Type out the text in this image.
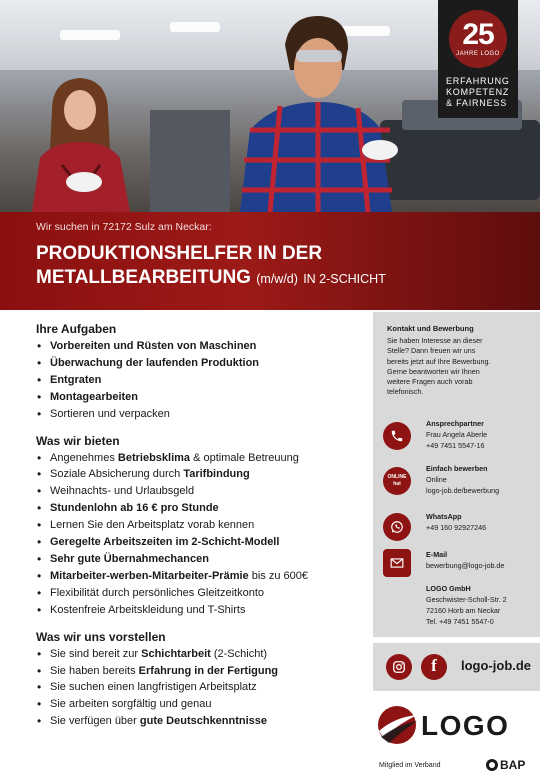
25
JAHRE LOGO
ERFAHRUNG
KOMPETENZ
& FAIRNESS
Wir suchen in 72172 Sulz am Neckar:
PRODUKTIONSHELFER IN DER
METALLBEARBEITUNG (m/w/d) IN 2-SCHICHT
Ihre Aufgaben
• Vorbereiten und Rüsten von Maschinen
• Überwachung der laufenden Produktion
• Entgraten
• Montagearbeiten
• Sortieren und verpacken
Was wir bieten
• Angenehmes Betriebsklima & optimale Betreuung
• Soziale Absicherung durch Tarifbindung
• Weihnachts- und Urlaubsgeld
• Stundenlohn ab 16 € pro Stunde
• Lernen Sie den Arbeitsplatz vorab kennen
• Geregelte Arbeitszeiten im 2-Schicht-Modell
• Sehr gute Übernahmechancen
• Mitarbeiter-werben-Mitarbeiter-Prämie bis zu 600€
• Flexibilität durch persönliches Gleitzeitkonto
• Kostenfreie Arbeitskleidung und T-Shirts
Was wir uns vorstellen
• Sie sind bereit zur Schichtarbeit (2-Schicht)
• Sie haben bereits Erfahrung in der Fertigung
• Sie suchen einen langfristigen Arbeitsplatz
• Sie arbeiten sorgfältig und genau
• Sie verfügen über gute Deutschkenntnisse
Kontakt und Bewerbung
Sie haben Interesse an dieser
Stelle? Dann freuen wir uns
bereits jetzt auf Ihre Bewerbung.
Gerne beantworten wir Ihnen
weitere Fragen auch vorab
telefonisch.
Ansprechpartner
Frau Angela Aberle
+49 7451 5547-16
ONLINE
hat
Einfach bewerben
Online
logo-job.de/bewerbung
WhatsApp
+49 160 92927246
E-Mail
bewerbung@logo-job.de
LOGO GmbH
Geschwister-Scholl-Str. 2
72160 Horb am Neckar
Tel. +49 7451 5547-0
f	logo-job.de
LOGO
Mitglied im Verband	BAP
